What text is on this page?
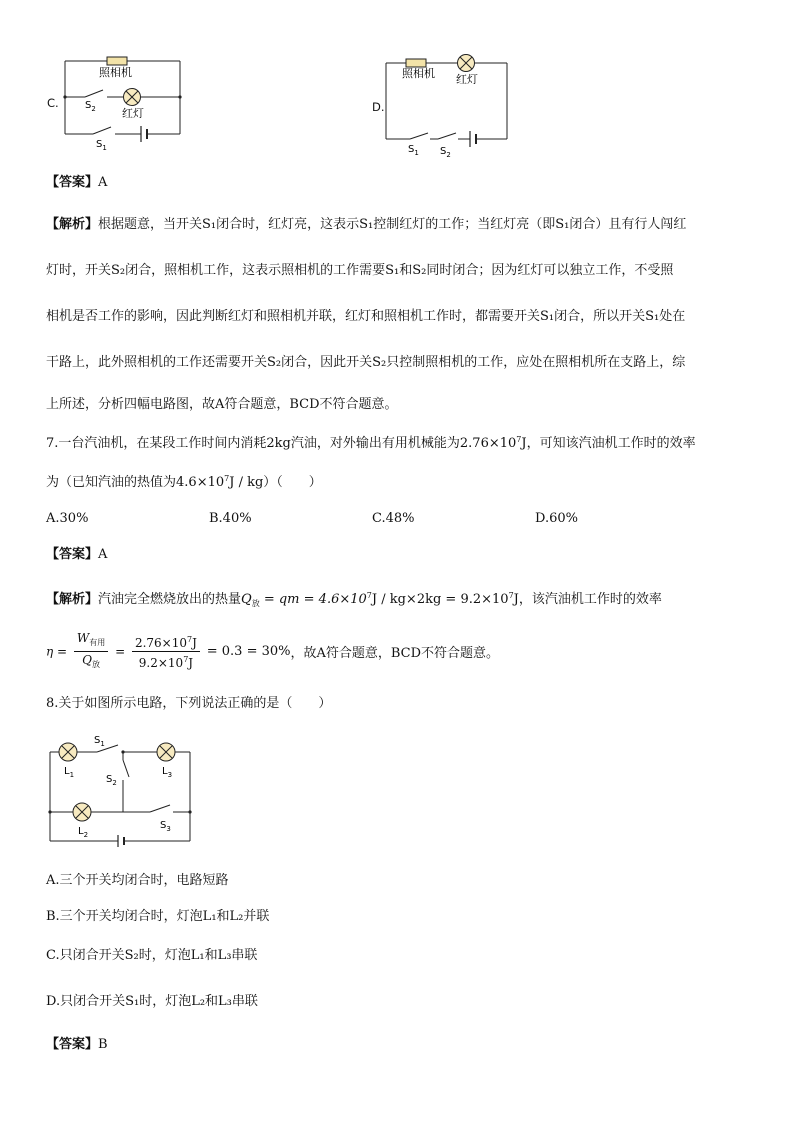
C.
照相机
红灯
$S_2$
$S_1$
D.
照相机 红灯
$S_1$ $S_2$
【答案】A
【解析】根据题意，当开关S₁闭合时，红灯亮，这表示S₁控制红灯的工作；当红灯亮（即S₁闭合）且有行人闯红
灯时，开关S₂闭合，照相机工作，这表示照相机的工作需要S₁和S₂同时闭合；因为红灯可以独立工作，不受照
相机是否工作的影响，因此判断红灯和照相机并联，红灯和照相机工作时，都需要开关S₁闭合，所以开关S₁处在
干路上，此外照相机的工作还需要开关S₂闭合，因此开关S₂只控制照相机的工作，应处在照相机所在支路上，综
上所述，分析四幅电路图，故A符合题意，BCD不符合题意。
7.一台汽油机，在某段工作时间内消耗2kg汽油，对外输出有用机械能为$2.76\times 10^7J$，可知该汽油机工作时的效率
为（已知汽油的热值为$4.6\times 10^7J / kg$）（　　）
A.30%	B.40%	C.48%	D.60%
【答案】A
【解析】汽油完全燃烧放出的热量$Q_放$ = qm = $4.6\times 10^7J / kg\times 2kg = 9.2\times 10^7J$，该汽油机工作时的效率
$\eta = \frac{W_{有用}}{Q_放} = \frac{2.76\times 10^7J}{9.2\times 10^7J} = 0.3 = 30\%$，故A符合题意，BCD不符合题意。
8.关于如图所示电路，下列说法正确的是（　　）
$S_1$
$S_2$
$S_3$
$L_1$	$L_3$
$L_2$
A.三个开关均闭合时，电路短路
B.三个开关均闭合时，灯泡L₁和L₂并联
C.只闭合开关S₂时，灯泡L₁和L₃串联
D.只闭合开关S₁时，灯泡L₂和L₃串联
【答案】B
